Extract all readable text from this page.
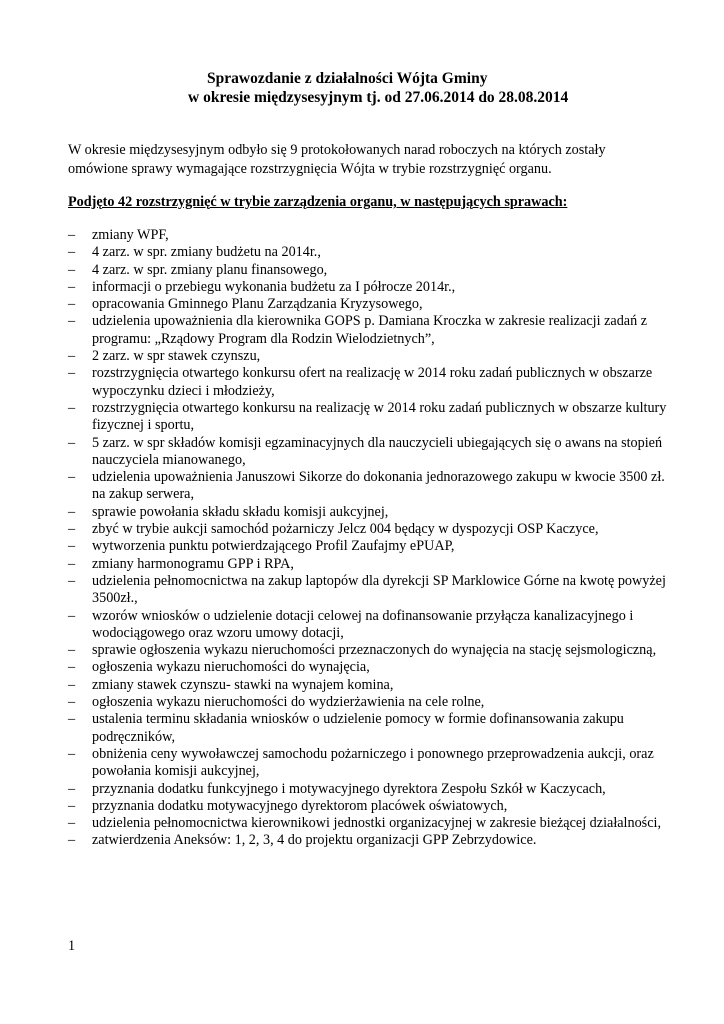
Sprawozdanie z działalności Wójta Gminy
w okresie międzysesyjnym tj. od 27.06.2014 do 28.08.2014
W okresie międzysesyjnym odbyło się 9 protokołowanych narad roboczych na których zostały omówione sprawy wymagające rozstrzygnięcia Wójta w trybie rozstrzygnięć organu.
Podjęto 42 rozstrzygnięć w trybie zarządzenia organu, w następujących sprawach:
–	zmiany WPF,
–	4 zarz. w spr. zmiany budżetu na 2014r.,
–	4 zarz. w spr. zmiany planu finansowego,
–	informacji o przebiegu wykonania budżetu za I półrocze 2014r.,
–	opracowania Gminnego Planu Zarządzania Kryzysowego,
–	udzielenia upoważnienia dla kierownika GOPS p. Damiana Kroczka w zakresie realizacji zadań z programu: „Rządowy Program dla Rodzin Wielodzietnych”,
–	2 zarz. w spr stawek czynszu,
–	rozstrzygnięcia otwartego konkursu ofert na realizację w 2014 roku zadań publicznych w obszarze wypoczynku dzieci i młodzieży,
–	rozstrzygnięcia otwartego konkursu na realizację w 2014 roku zadań publicznych w obszarze kultury fizycznej i sportu,
–	5 zarz. w spr składów komisji egzaminacyjnych dla nauczycieli ubiegających się o awans na stopień nauczyciela mianowanego,
–	udzielenia upoważnienia Januszowi Sikorze do dokonania jednorazowego zakupu w kwocie 3500 zł. na zakup serwera,
–	sprawie powołania składu składu komisji aukcyjnej,
–	zbyć w trybie aukcji samochód pożarniczy Jelcz 004 będący w dyspozycji OSP Kaczyce,
–	wytworzenia punktu potwierdzającego Profil Zaufajmy ePUAP,
–	zmiany harmonogramu GPP i RPA,
–	udzielenia pełnomocnictwa na zakup laptopów dla dyrekcji SP Marklowice Górne na kwotę powyżej 3500zł.,
–	wzorów wniosków o udzielenie dotacji celowej na dofinansowanie przyłącza kanalizacyjnego i wodociągowego oraz wzoru umowy dotacji,
–	sprawie ogłoszenia wykazu nieruchomości przeznaczonych do wynajęcia na stację sejsmologiczną,
–	ogłoszenia wykazu nieruchomości do wynajęcia,
–	zmiany stawek czynszu- stawki na wynajem komina,
–	ogłoszenia wykazu nieruchomości do wydzierżawienia na cele rolne,
–	ustalenia terminu składania wniosków o udzielenie pomocy w formie dofinansowania zakupu podręczników,
–	obniżenia ceny wywoławczej samochodu pożarniczego i ponownego przeprowadzenia aukcji, oraz powołania komisji aukcyjnej,
–	przyznania dodatku funkcyjnego i motywacyjnego dyrektora Zespołu Szkół w Kaczycach,
–	przyznania dodatku motywacyjnego dyrektorom placówek oświatowych,
–	udzielenia pełnomocnictwa kierownikowi jednostki organizacyjnej w zakresie bieżącej działalności,
–	zatwierdzenia Aneksów: 1, 2, 3, 4 do projektu organizacji GPP Zebrzydowice.
1
